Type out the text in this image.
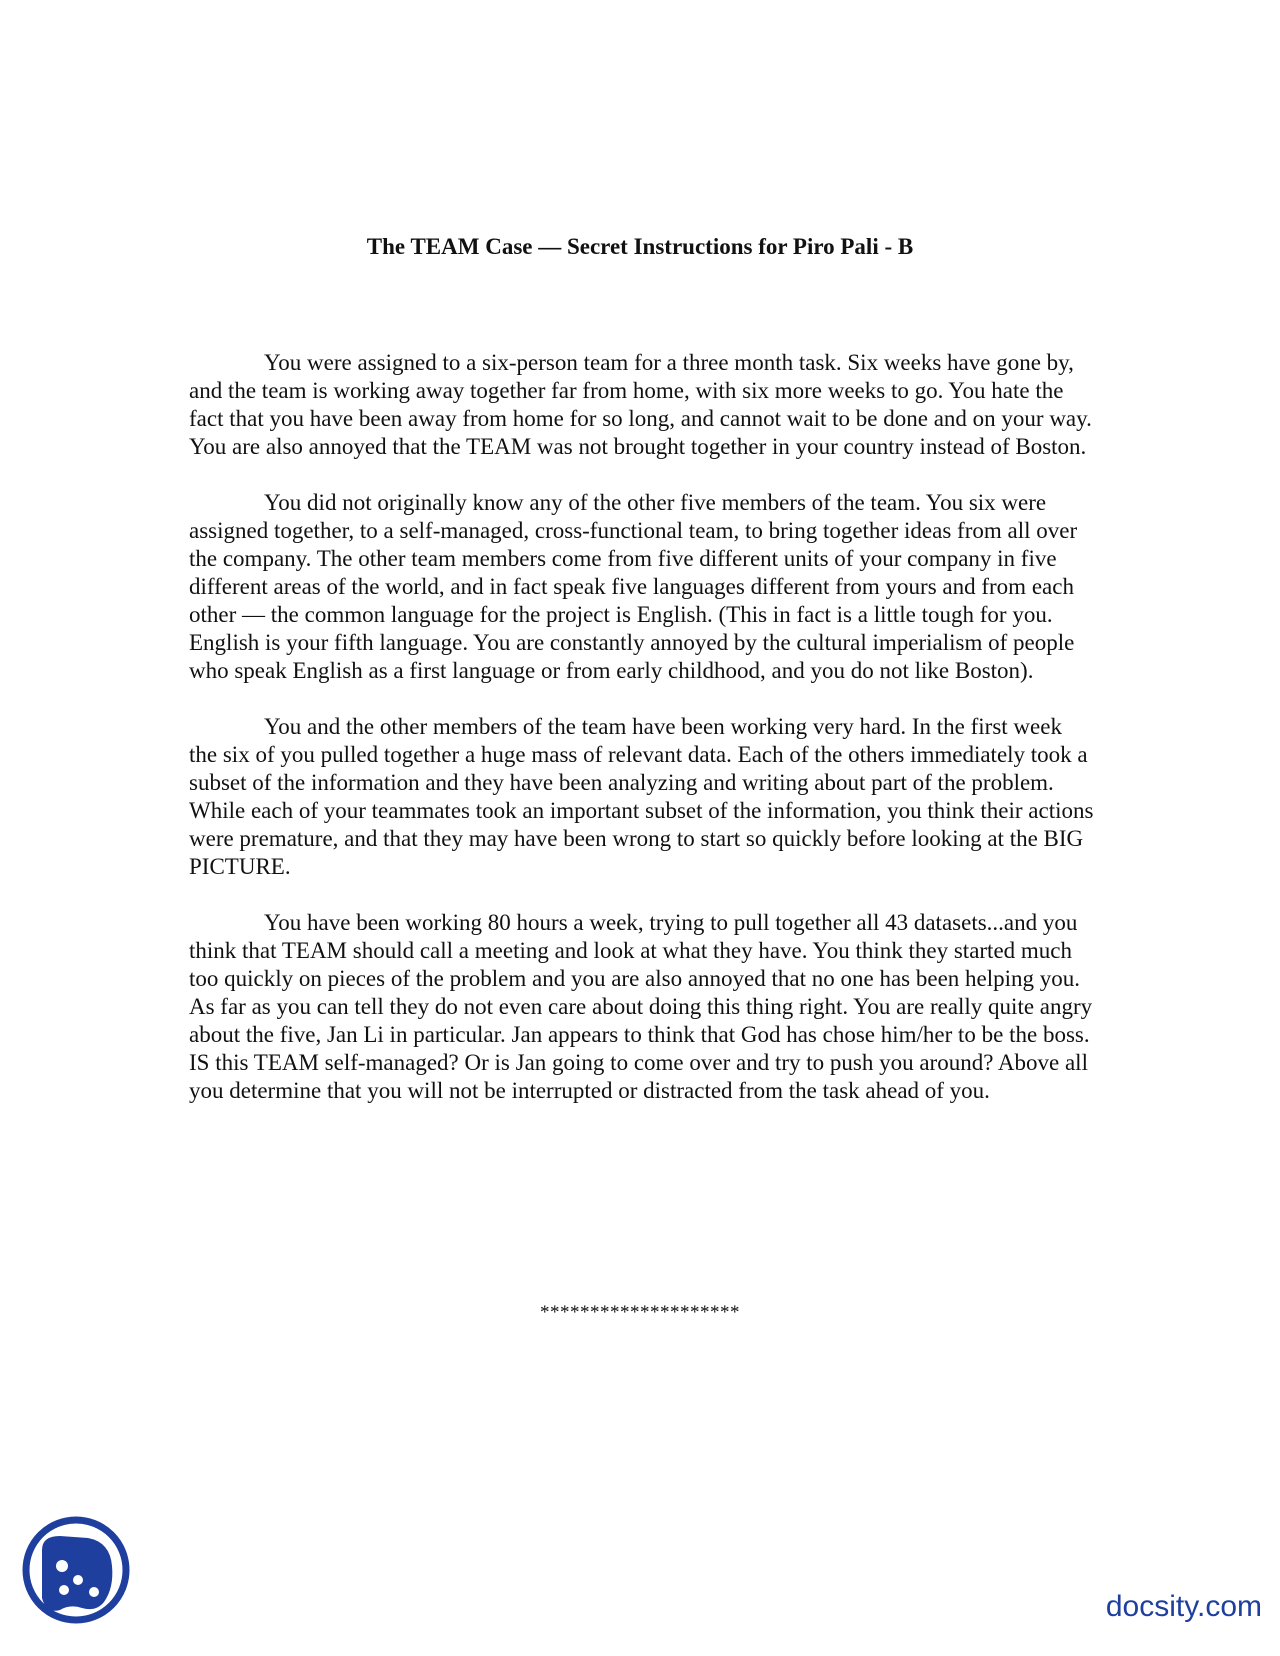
The TEAM Case — Secret Instructions for Piro Pali - B

You were assigned to a six-person team for a three month task. Six weeks have gone by, and the team is working away together far from home, with six more weeks to go. You hate the fact that you have been away from home for so long, and cannot wait to be done and on your way. You are also annoyed that the TEAM was not brought together in your country instead of Boston.

You did not originally know any of the other five members of the team. You six were assigned together, to a self-managed, cross-functional team, to bring together ideas from all over the company. The other team members come from five different units of your company in five different areas of the world, and in fact speak five languages different from yours and from each other — the common language for the project is English. (This in fact is a little tough for you. English is your fifth language. You are constantly annoyed by the cultural imperialism of people who speak English as a first language or from early childhood, and you do not like Boston).

You and the other members of the team have been working very hard. In the first week the six of you pulled together a huge mass of relevant data. Each of the others immediately took a subset of the information and they have been analyzing and writing about part of the problem. While each of your teammates took an important subset of the information, you think their actions were premature, and that they may have been wrong to start so quickly before looking at the BIG PICTURE.

You have been working 80 hours a week, trying to pull together all 43 datasets...and you think that TEAM should call a meeting and look at what they have. You think they started much too quickly on pieces of the problem and you are also annoyed that no one has been helping you. As far as you can tell they do not even care about doing this thing right. You are really quite angry about the five, Jan Li in particular. Jan appears to think that God has chose him/her to be the boss. IS this TEAM self-managed? Or is Jan going to come over and try to push you around? Above all you determine that you will not be interrupted or distracted from the task ahead of you.

********************

docsity.com
